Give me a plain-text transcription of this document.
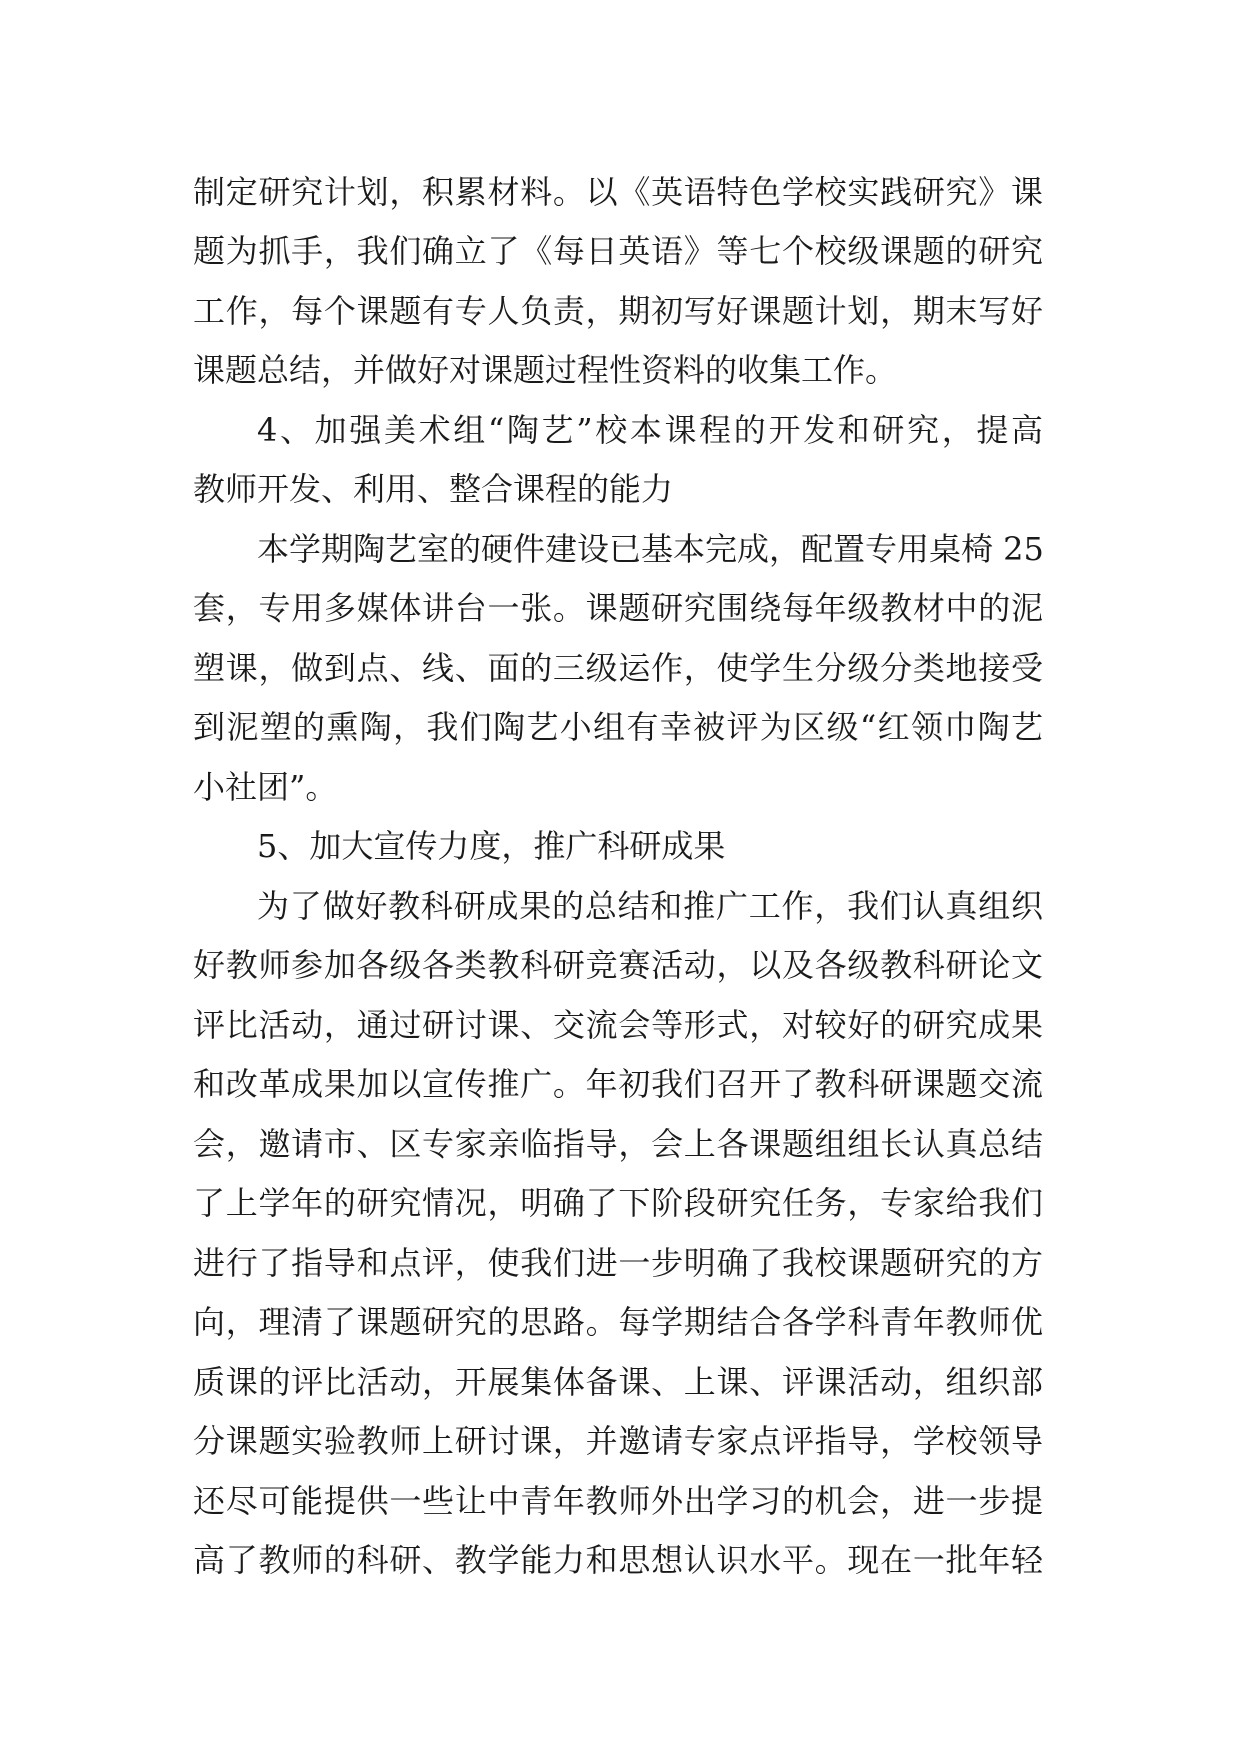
制定研究计划，积累材料。以《英语特色学校实践研究》课
题为抓手，我们确立了《每日英语》等七个校级课题的研究
工作，每个课题有专人负责，期初写好课题计划，期末写好
课题总结，并做好对课题过程性资料的收集工作。
4、加强美术组“陶艺”校本课程的开发和研究，提高
教师开发、利用、整合课程的能力
本学期陶艺室的硬件建设已基本完成，配置专用桌椅 25
套，专用多媒体讲台一张。课题研究围绕每年级教材中的泥
塑课，做到点、线、面的三级运作，使学生分级分类地接受
到泥塑的熏陶，我们陶艺小组有幸被评为区级“红领巾陶艺
小社团”。
5、加大宣传力度，推广科研成果
为了做好教科研成果的总结和推广工作，我们认真组织
好教师参加各级各类教科研竞赛活动，以及各级教科研论文
评比活动，通过研讨课、交流会等形式，对较好的研究成果
和改革成果加以宣传推广。年初我们召开了教科研课题交流
会，邀请市、区专家亲临指导，会上各课题组组长认真总结
了上学年的研究情况，明确了下阶段研究任务，专家给我们
进行了指导和点评，使我们进一步明确了我校课题研究的方
向，理清了课题研究的思路。每学期结合各学科青年教师优
质课的评比活动，开展集体备课、上课、评课活动，组织部
分课题实验教师上研讨课，并邀请专家点评指导，学校领导
还尽可能提供一些让中青年教师外出学习的机会，进一步提
高了教师的科研、教学能力和思想认识水平。现在一批年轻
